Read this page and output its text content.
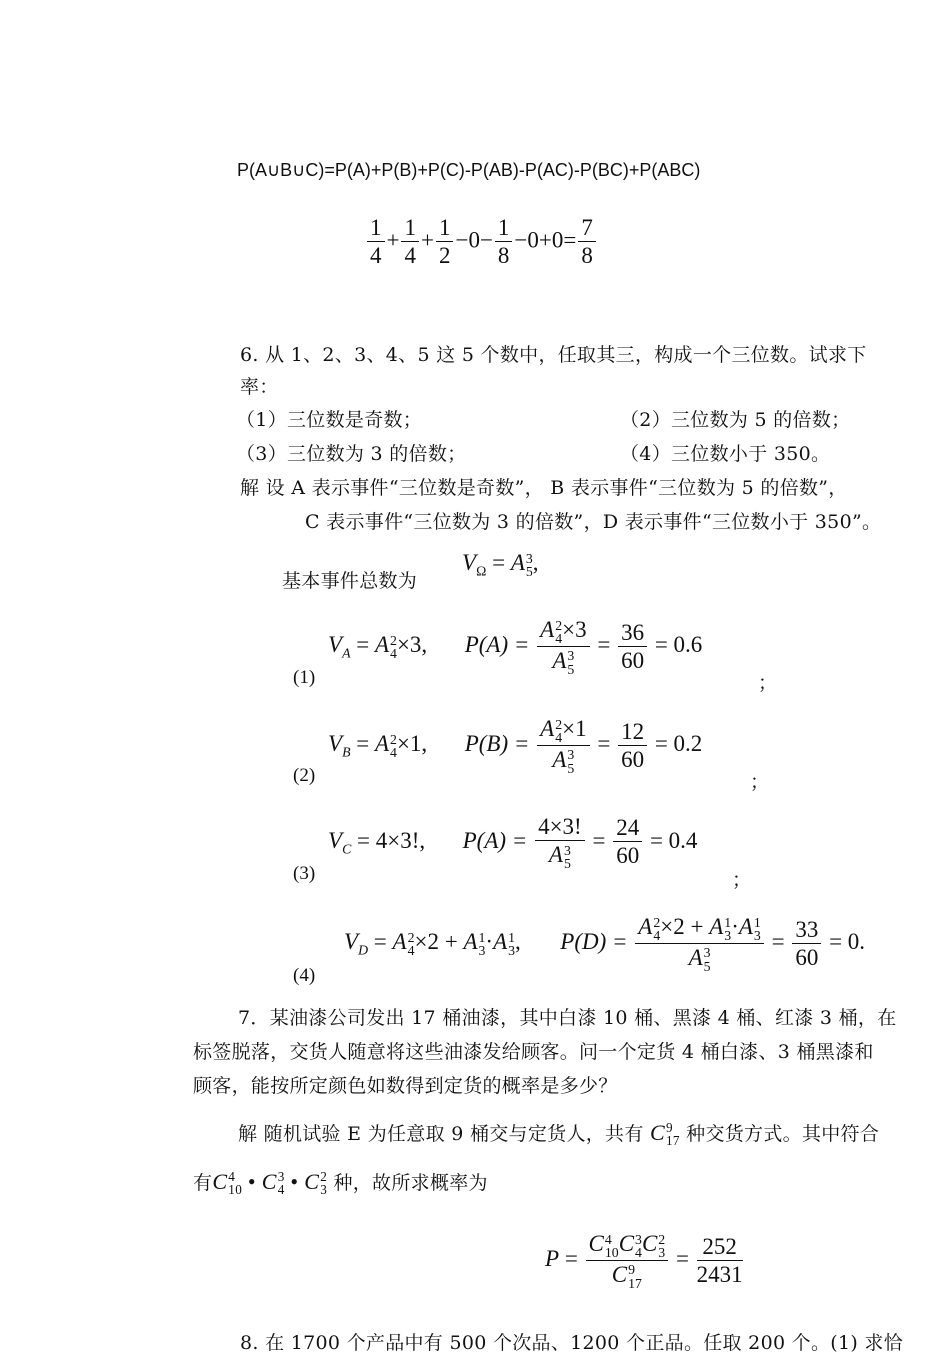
P(A∪B∪C)=P(A)+P(B)+P(C)-P(AB)-P(AC)-P(BC)+P(ABC)
$\frac{1}{4} + \frac{1}{4} + \frac{1}{2} -0- \frac{1}{8} -0+0= \frac{7}{8}$
6. 从 1、2、3、4、5 这 5 个数中，任取其三，构成一个三位数。试求下
率：
（1）三位数是奇数；	（2）三位数为 5 的倍数；
（3）三位数为 3 的倍数；	（4）三位数小于 350。
解 设 A 表示事件“三位数是奇数”， B 表示事件“三位数为 5 的倍数”，
C 表示事件“三位数为 3 的倍数”，D 表示事件“三位数小于 350”。
基本事件总数为
$V_\Omega = A$ 3
5 ,
(1)
$V_A = A$ 2
4 ×3, P(A) = A 2
4 ×3
A 3
$5 = \frac{36}{60} = 0.6$
；
(2)
$V_B = A$ 2
4 ×1, P(B) = A 2
4 ×1
A 3
$5 = \frac{12}{60} = 0.2$
；
(3)
$V_C = 4\times 3$!, P(A) = 4×3!
A 3
$5 = \frac{24}{60} = 0.4$
；
(4)
$V_D = A$ 2
4 ×2 + A 1
3 ·A 1
3 ,  P(D) = A 2
4 ×2 + A 1
3 ·A 1
3
A 3
$5 = \frac{33}{60} = 0$.
7．某油漆公司发出 17 桶油漆，其中白漆 10 桶、黑漆 4 桶、红漆 3 桶，在
标签脱落，交货人随意将这些油漆发给顾客。问一个定货 4 桶白漆、3 桶黑漆和
顾客，能按所定颜色如数得到定货的概率是多少？
解 随机试验 E 为任意取 9 桶交与定货人，共有 C 9
17 种交货方式。其中符合
有C 4
10 • C 3
4 • C 2
3 种，故所求概率为
P = C 4
10 C 3
4 C 2
3
C 9
$17 = \frac{252}{2431}$
8. 在 1700 个产品中有 500 个次品、1200 个正品。任取 200 个。(1) 求恰
